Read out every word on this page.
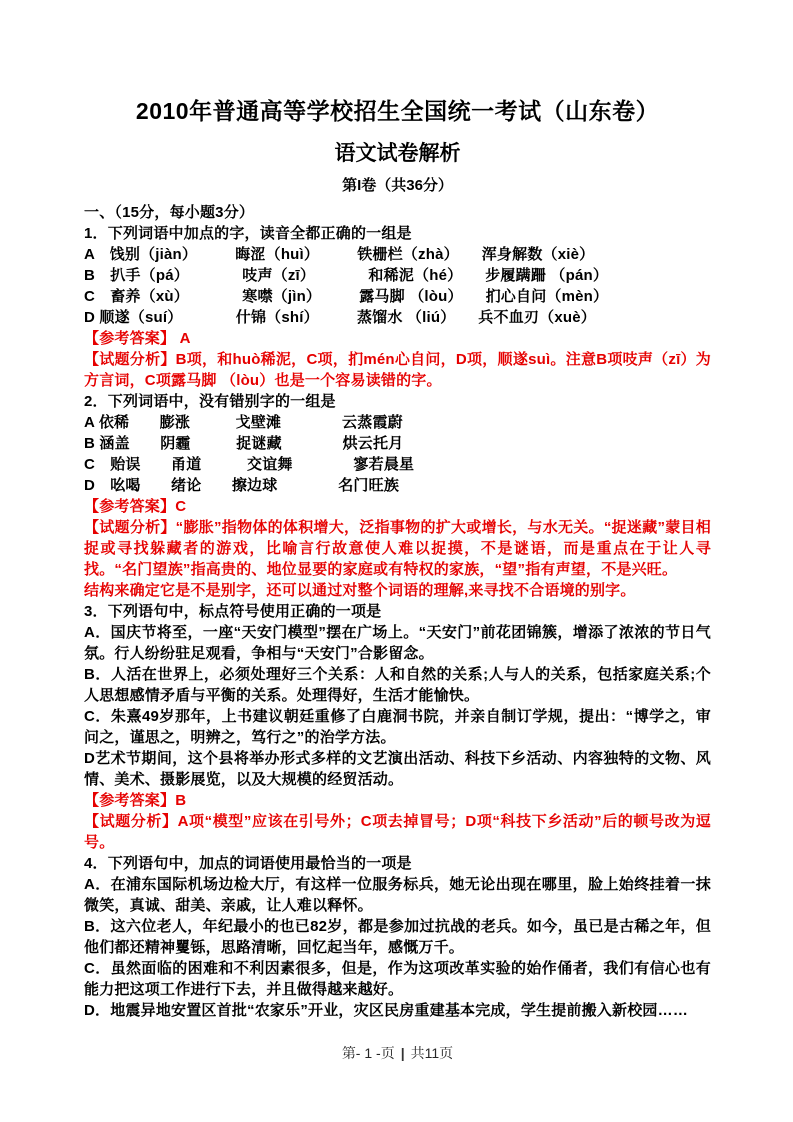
2010年普通高等学校招生全国统一考试（山东卷）
语文试卷解析
第I卷（共36分）

一、（15分，每小题3分）

1．下列词语中加点的字，读音全都正确的一组是

A　饯别（jiàn）　　　晦涩（huì）　　　铁栅栏（zhà）　　浑身解数（xiè）

B　扒手（pá）　　　　吱声（zī）　　　　和稀泥（hé）　　步履蹒跚 （pán）

C　畜养（xù）　　　　寒噤（jìn）　　　露马脚 （lòu）　　扪心自问（mèn）

D 顺遂（suí）　　　　什锦（shí）　　　蒸馏水 （liú）　　兵不血刃（xuè）

【参考答案】 A

【试题分析】B项，和huò稀泥，C项，扪mén心自问，D项，顺遂suì。注意B项吱声（zī）为方言词，C项露马脚 （lòu）也是一个容易读错的字。

2．下列词语中，没有错别字的一组是

A 依稀　　膨涨　　　戈壁滩　　　　云蒸霞蔚

B 涵盖　　阴霾　　　捉谜藏　　　　烘云托月

C　贻误　　甬道　　　交谊舞　　　　寥若晨星

D　吆喝　　绪论　　擦边球　　　　名门旺族

【参考答案】C

【试题分析】“膨胀”指物体的体积增大，泛指事物的扩大或增长，与水无关。“捉迷藏”蒙目相捉或寻找躲藏者的游戏，比喻言行故意使人难以捉摸，不是谜语，而是重点在于让人寻找。“名门望族”指高贵的、地位显要的家庭或有特权的家族，“望”指有声望，不是兴旺。

结构来确定它是不是别字，还可以通过对整个词语的理解,来寻找不合语境的别字。

3．下列语句中，标点符号使用正确的一项是

A．国庆节将至，一座“天安门模型”摆在广场上。“天安门”前花团锦簇，增添了浓浓的节日气氛。行人纷纷驻足观看，争相与“天安门”合影留念。

B．人活在世界上，必须处理好三个关系：人和自然的关系;人与人的关系，包括家庭关系;个人思想感情矛盾与平衡的关系。处理得好，生活才能愉快。

C．朱熹49岁那年，上书建议朝廷重修了白鹿洞书院，并亲自制订学规，提出：“博学之，审问之，谨思之，明辨之，笃行之”的治学方法。

D艺术节期间，这个县将举办形式多样的文艺演出活动、科技下乡活动、内容独特的文物、风情、美术、摄影展览，以及大规模的经贸活动。

【参考答案】B

【试题分析】A项“模型”应该在引号外；C项去掉冒号；D项“科技下乡活动”后的顿号改为逗号。

4．下列语句中，加点的词语使用最恰当的一项是

A．在浦东国际机场边检大厅，有这样一位服务标兵，她无论出现在哪里，脸上始终挂着一抹微笑，真诚、甜美、亲戚，让人难以释怀。

B．这六位老人，年纪最小的也已82岁，都是参加过抗战的老兵。如今，虽已是古稀之年，但他们都还精神矍铄，思路清晰，回忆起当年，感慨万千。

C．虽然面临的困难和不利因素很多，但是，作为这项改革实验的始作俑者，我们有信心也有能力把这项工作进行下去，并且做得越来越好。

D．地震异地安置区首批“农家乐”开业，灾区民房重建基本完成，学生提前搬入新校园……

第- 1 -页 | 共11页
